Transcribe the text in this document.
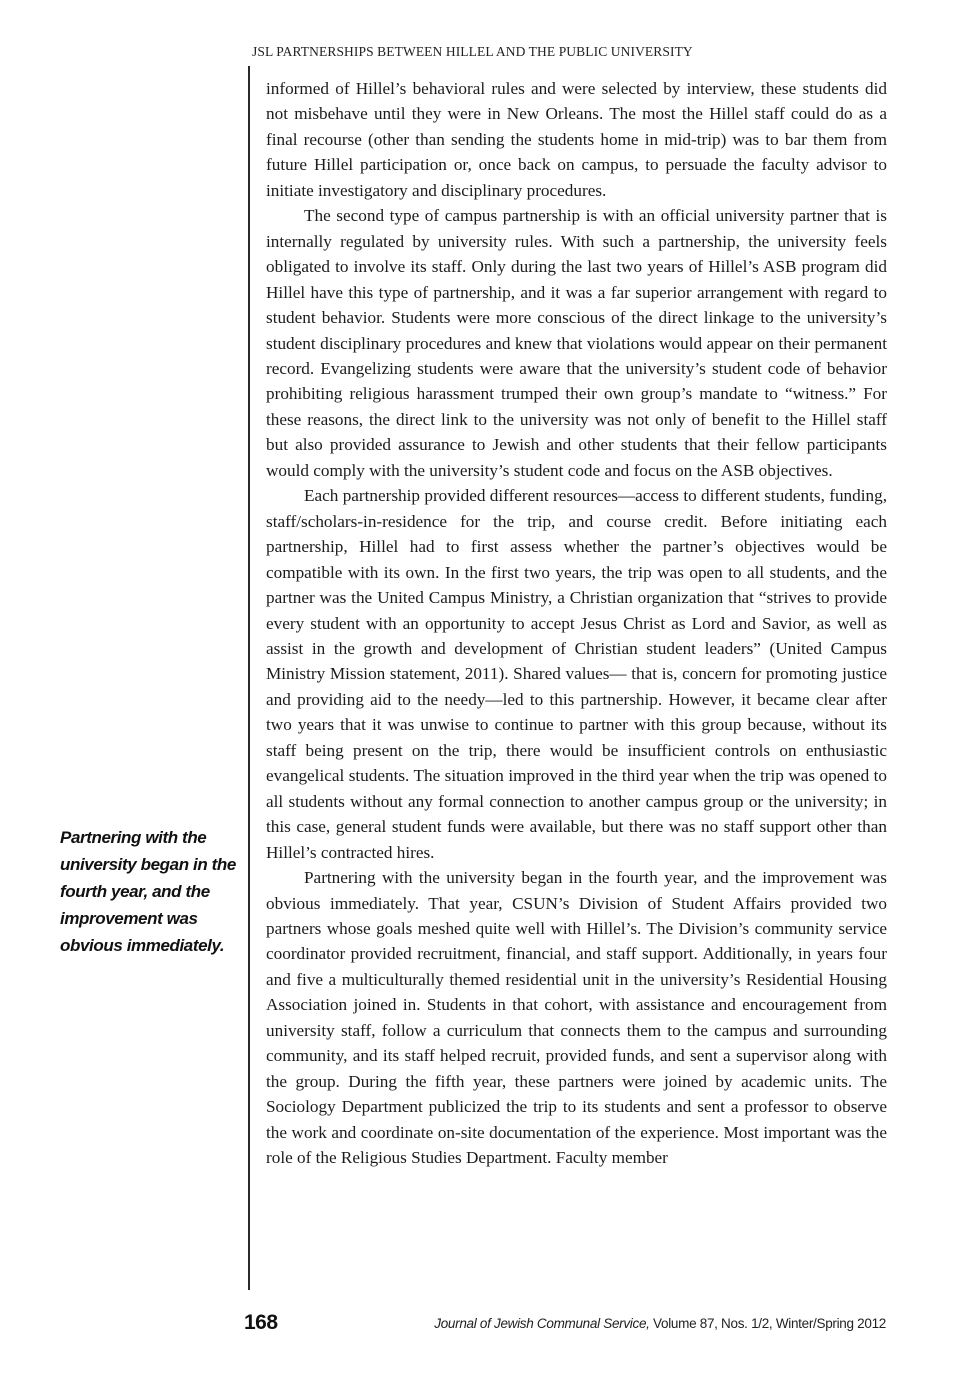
JSL PARTNERSHIPS BETWEEN HILLEL AND THE PUBLIC UNIVERSITY

informed of Hillel’s behavioral rules and were selected by interview, these students did not misbehave until they were in New Orleans. The most the Hillel staff could do as a final recourse (other than sending the students home in mid-trip) was to bar them from future Hillel participation or, once back on campus, to persuade the faculty advisor to initiate investigatory and disciplinary procedures.

The second type of campus partnership is with an official university partner that is internally regulated by university rules. With such a partnership, the university feels obligated to involve its staff. Only during the last two years of Hillel’s ASB program did Hillel have this type of partnership, and it was a far superior arrangement with regard to student behavior. Students were more conscious of the direct linkage to the university’s student disciplinary procedures and knew that violations would appear on their permanent record. Evangelizing students were aware that the university’s student code of behavior prohibiting religious harassment trumped their own group’s mandate to “witness.” For these reasons, the direct link to the university was not only of benefit to the Hillel staff but also provided assurance to Jewish and other students that their fellow participants would comply with the university’s student code and focus on the ASB objectives.

Each partnership provided different resources—access to different students, funding, staff/scholars-in-residence for the trip, and course credit. Before initiating each partnership, Hillel had to first assess whether the partner’s objectives would be compatible with its own. In the first two years, the trip was open to all students, and the partner was the United Campus Ministry, a Christian organization that “strives to provide every student with an opportunity to accept Jesus Christ as Lord and Savior, as well as assist in the growth and development of Christian student leaders” (United Campus Ministry Mission statement, 2011). Shared values— that is, concern for promoting justice and providing aid to the needy—led to this partnership. However, it became clear after two years that it was unwise to continue to partner with this group because, without its staff being present on the trip, there would be insufficient controls on enthusiastic evangelical students. The situation improved in the third year when the trip was opened to all students without any formal connection to another campus group or the university; in this case, general student funds were available, but there was no staff support other than Hillel’s contracted hires.

Partnering with the university began in the fourth year, and the improvement was obvious immediately. That year, CSUN’s Division of Student Affairs provided two partners whose goals meshed quite well with Hillel’s. The Division’s community service coordinator provided recruitment, financial, and staff support. Additionally, in years four and five a multiculturally themed residential unit in the university’s Residential Housing Association joined in. Students in that cohort, with assistance and encouragement from university staff, follow a curriculum that connects them to the campus and surrounding community, and its staff helped recruit, provided funds, and sent a supervisor along with the group. During the fifth year, these partners were joined by academic units. The Sociology Department publicized the trip to its students and sent a professor to observe the work and coordinate on-site documentation of the experience. Most important was the role of the Religious Studies Department. Faculty member

Partnering with the university began in the fourth year, and the improvement was obvious immediately.
168	Journal of Jewish Communal Service, Volume 87, Nos. 1/2, Winter/Spring 2012
